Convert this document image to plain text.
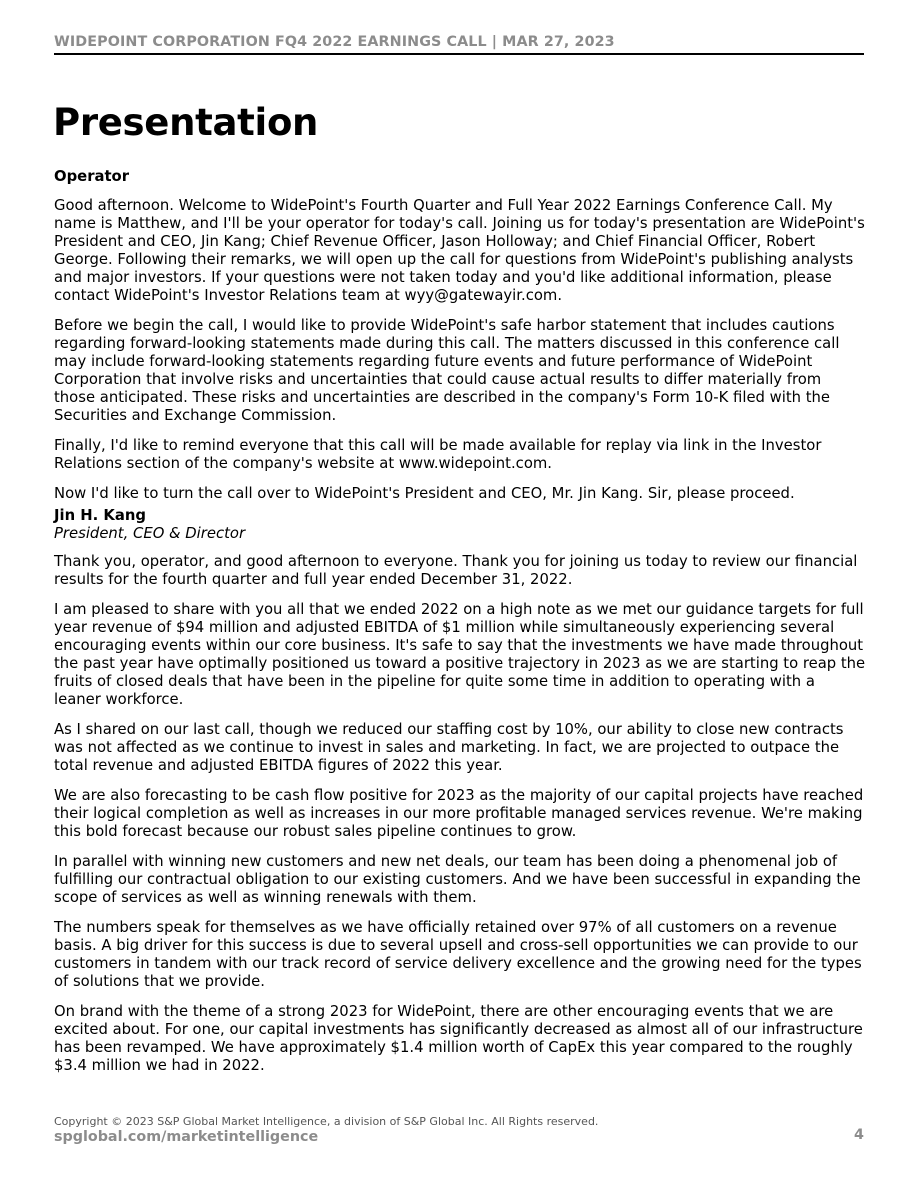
WIDEPOINT CORPORATION FQ4 2022 EARNINGS CALL | MAR 27, 2023
Presentation

Operator

Good afternoon. Welcome to WidePoint's Fourth Quarter and Full Year 2022 Earnings Conference Call. My name is Matthew, and I'll be your operator for today's call. Joining us for today's presentation are WidePoint's President and CEO, Jin Kang; Chief Revenue Officer, Jason Holloway; and Chief Financial Officer, Robert George. Following their remarks, we will open up the call for questions from WidePoint's publishing analysts and major investors. If your questions were not taken today and you'd like additional information, please contact WidePoint's Investor Relations team at wyy@gatewayir.com.

Before we begin the call, I would like to provide WidePoint's safe harbor statement that includes cautions regarding forward-looking statements made during this call. The matters discussed in this conference call may include forward-looking statements regarding future events and future performance of WidePoint Corporation that involve risks and uncertainties that could cause actual results to differ materially from those anticipated. These risks and uncertainties are described in the company's Form 10-K filed with the Securities and Exchange Commission.

Finally, I'd like to remind everyone that this call will be made available for replay via link in the Investor Relations section of the company's website at www.widepoint.com.

Now I'd like to turn the call over to WidePoint's President and CEO, Mr. Jin Kang. Sir, please proceed.

Jin H. Kang

President, CEO & Director

Thank you, operator, and good afternoon to everyone. Thank you for joining us today to review our financial results for the fourth quarter and full year ended December 31, 2022.

I am pleased to share with you all that we ended 2022 on a high note as we met our guidance targets for full year revenue of $94 million and adjusted EBITDA of $1 million while simultaneously experiencing several encouraging events within our core business. It's safe to say that the investments we have made throughout the past year have optimally positioned us toward a positive trajectory in 2023 as we are starting to reap the fruits of closed deals that have been in the pipeline for quite some time in addition to operating with a leaner workforce.

As I shared on our last call, though we reduced our staffing cost by 10%, our ability to close new contracts was not affected as we continue to invest in sales and marketing. In fact, we are projected to outpace the total revenue and adjusted EBITDA figures of 2022 this year.

We are also forecasting to be cash flow positive for 2023 as the majority of our capital projects have reached their logical completion as well as increases in our more profitable managed services revenue. We're making this bold forecast because our robust sales pipeline continues to grow.

In parallel with winning new customers and new net deals, our team has been doing a phenomenal job of fulfilling our contractual obligation to our existing customers. And we have been successful in expanding the scope of services as well as winning renewals with them.

The numbers speak for themselves as we have officially retained over 97% of all customers on a revenue basis. A big driver for this success is due to several upsell and cross-sell opportunities we can provide to our customers in tandem with our track record of service delivery excellence and the growing need for the types of solutions that we provide.

On brand with the theme of a strong 2023 for WidePoint, there are other encouraging events that we are excited about. For one, our capital investments has significantly decreased as almost all of our infrastructure has been revamped. We have approximately $1.4 million worth of CapEx this year compared to the roughly $3.4 million we had in 2022.

Copyright © 2023 S&P Global Market Intelligence, a division of S&P Global Inc. All Rights reserved.
spglobal.com/marketintelligence	4
